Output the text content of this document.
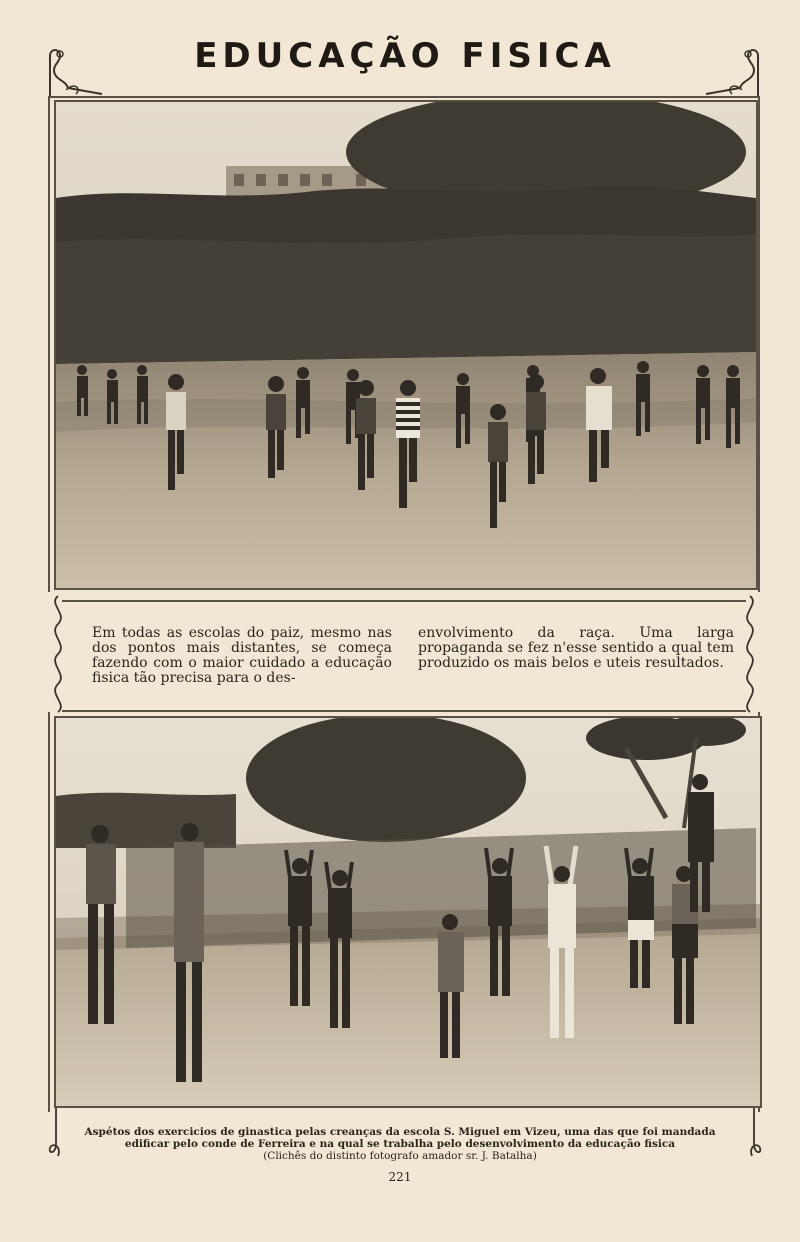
EDUCAÇÃO FISICA
Em todas as escolas do paiz, mesmo nas dos pontos mais distantes, se começa fazendo com o maior cuidado a educação fisica tão precisa para o des-
envolvimento da raça. Uma larga propaganda se fez n'esse sentido a qual tem produzido os mais belos e uteis resultados.
Aspétos dos exercicios de ginastica pelas creanças da escola S. Miguel em Vizeu, uma das que foi mandada
edificar pelo conde de Ferreira e na qual se trabalha pelo desenvolvimento da educação fisica
(Clichês do distinto fotografo amador sr. J. Batalha)
221
